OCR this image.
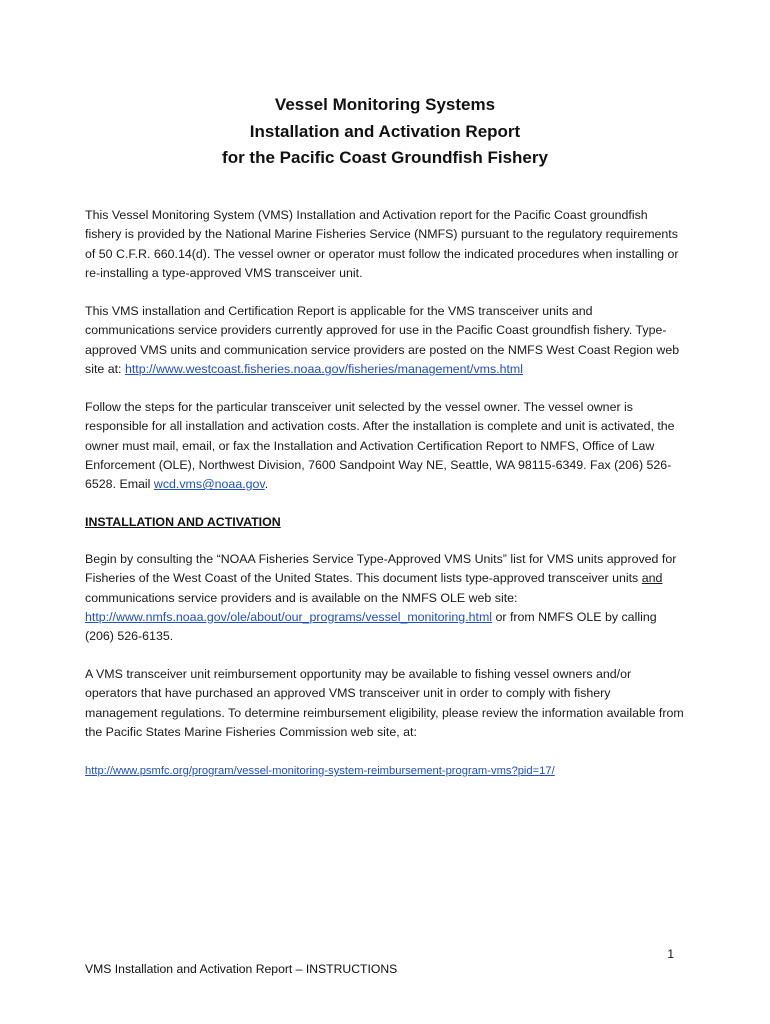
Vessel Monitoring Systems
Installation and Activation Report
for the Pacific Coast Groundfish Fishery

This Vessel Monitoring System (VMS) Installation and Activation report for the Pacific Coast groundfish fishery is provided by the National Marine Fisheries Service (NMFS) pursuant to the regulatory requirements of 50 C.F.R. 660.14(d). The vessel owner or operator must follow the indicated procedures when installing or re-installing a type-approved VMS transceiver unit.

This VMS installation and Certification Report is applicable for the VMS transceiver units and communications service providers currently approved for use in the Pacific Coast groundfish fishery. Type-approved VMS units and communication service providers are posted on the NMFS West Coast Region web site at: http://www.westcoast.fisheries.noaa.gov/fisheries/management/vms.html

Follow the steps for the particular transceiver unit selected by the vessel owner. The vessel owner is responsible for all installation and activation costs. After the installation is complete and unit is activated, the owner must mail, email, or fax the Installation and Activation Certification Report to NMFS, Office of Law Enforcement (OLE), Northwest Division, 7600 Sandpoint Way NE, Seattle, WA 98115-6349. Fax (206) 526-6528. Email wcd.vms@noaa.gov.

INSTALLATION AND ACTIVATION

Begin by consulting the “NOAA Fisheries Service Type-Approved VMS Units” list for VMS units approved for Fisheries of the West Coast of the United States. This document lists type-approved transceiver units and communications service providers and is available on the NMFS OLE web site: http://www.nmfs.noaa.gov/ole/about/our_programs/vessel_monitoring.html or from NMFS OLE by calling (206) 526-6135.

A VMS transceiver unit reimbursement opportunity may be available to fishing vessel owners and/or operators that have purchased an approved VMS transceiver unit in order to comply with fishery management regulations. To determine reimbursement eligibility, please review the information available from the Pacific States Marine Fisheries Commission web site, at:

http://www.psmfc.org/program/vessel-monitoring-system-reimbursement-program-vms?pid=17/
1
VMS Installation and Activation Report – INSTRUCTIONS
